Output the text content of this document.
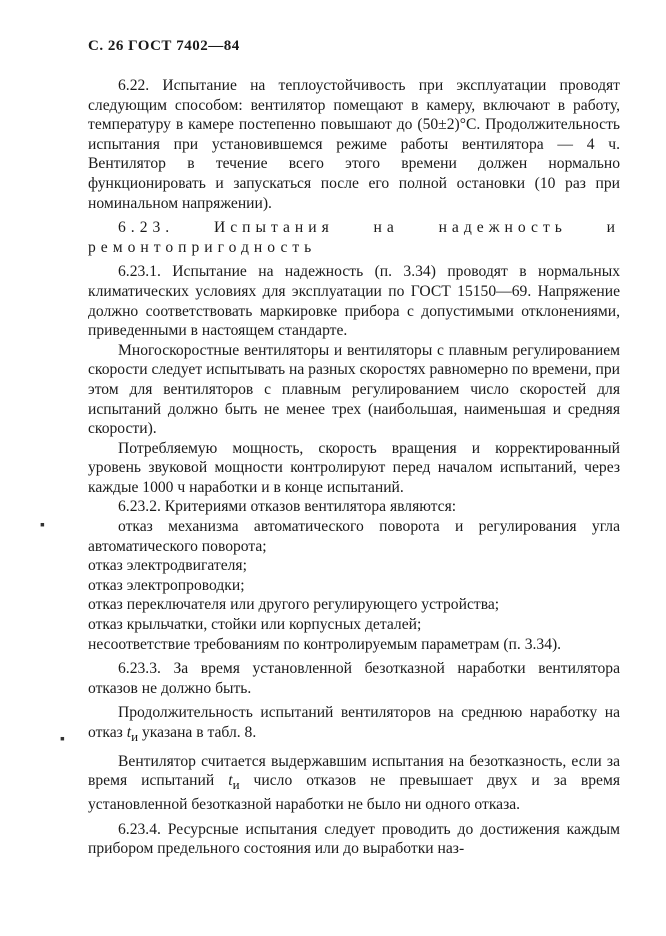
С. 26 ГОСТ 7402—84

6.22. Испытание на теплоустойчивость при эксплуатации проводят следующим способом: вентилятор помещают в камеру, включают в работу, температуру в камере постепенно повышают до (50±2)°С. Продолжительность испытания при установившемся режиме работы вентилятора — 4 ч. Вентилятор в течение всего этого времени должен нормально функционировать и запускаться после его полной остановки (10 раз при номинальном напряжении).

6.23. Испытания на надежность и ремонтопригодность

6.23.1. Испытание на надежность (п. 3.34) проводят в нормальных климатических условиях для эксплуатации по ГОСТ 15150—69. Напряжение должно соответствовать маркировке прибора с допустимыми отклонениями, приведенными в настоящем стандарте.

Многоскоростные вентиляторы и вентиляторы с плавным регулированием скорости следует испытывать на разных скоростях равномерно по времени, при этом для вентиляторов с плавным регулированием число скоростей для испытаний должно быть не менее трех (наибольшая, наименьшая и средняя скорости).

Потребляемую мощность, скорость вращения и корректированный уровень звуковой мощности контролируют перед началом испытаний, через каждые 1000 ч наработки и в конце испытаний.

6.23.2. Критериями отказов вентилятора являются:

отказ механизма автоматического поворота и регулирования угла автоматического поворота;

отказ электродвигателя;

отказ электропроводки;

отказ переключателя или другого регулирующего устройства;

отказ крыльчатки, стойки или корпусных деталей;

несоответствие требованиям по контролируемым параметрам (п. 3.34).

6.23.3. За время установленной безотказной наработки вентилятора отказов не должно быть.

Продолжительность испытаний вентиляторов на среднюю наработку на отказ $t_и$ указана в табл. 8.

Вентилятор считается выдержавшим испытания на безотказность, если за время испытаний $t_и$ число отказов не превышает двух и за время установленной безотказной наработки не было ни одного отказа.

6.23.4. Ресурсные испытания следует проводить до достижения каждым прибором предельного состояния или до выработки наз-

▪
▪
